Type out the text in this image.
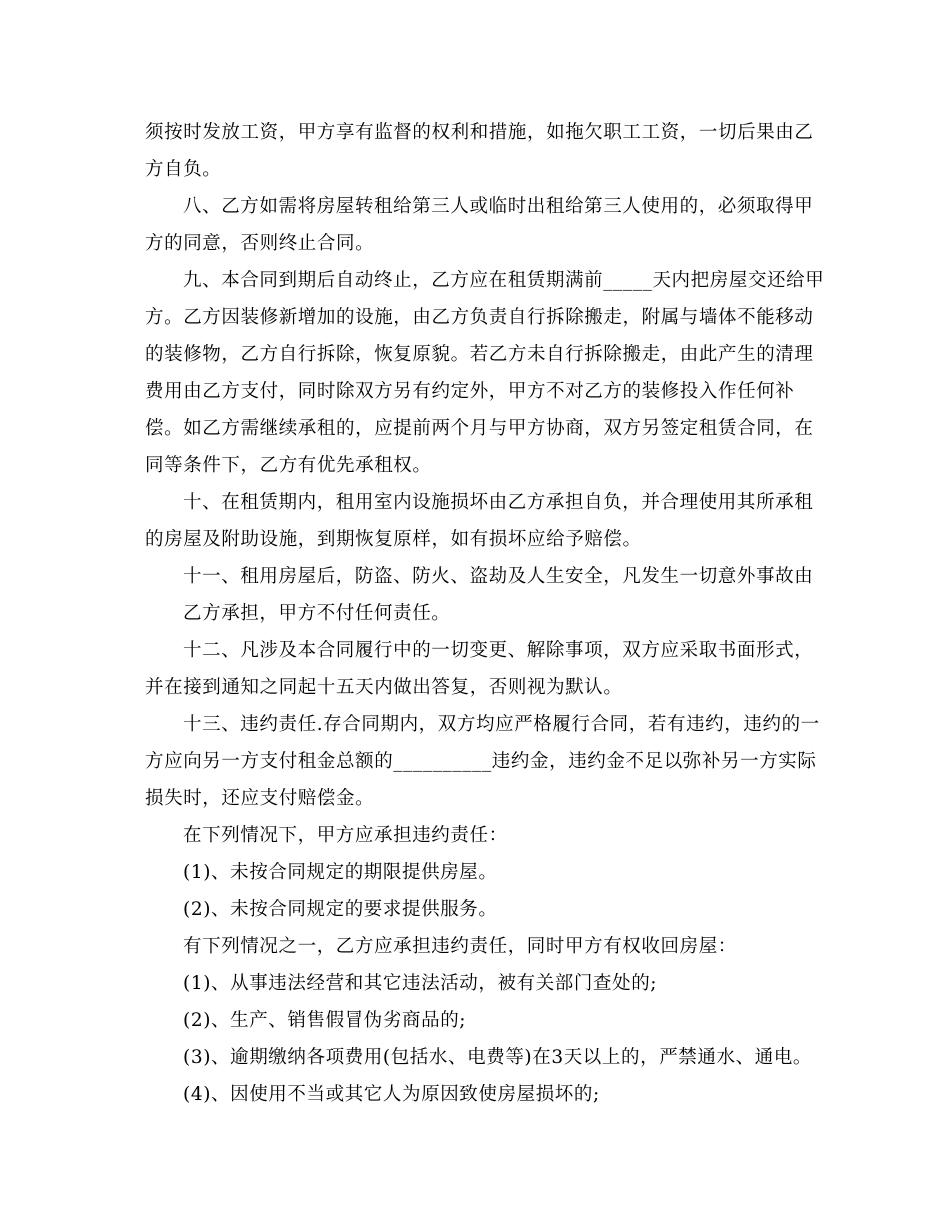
须按时发放工资，甲方享有监督的权利和措施，如拖欠职工工资，一切后果由乙
方自负。
八、乙方如需将房屋转租给第三人或临时出租给第三人使用的，必须取得甲
方的同意，否则终止合同。
九、本合同到期后自动终止，乙方应在租赁期满前_____天内把房屋交还给甲
方。乙方因装修新增加的设施，由乙方负责自行拆除搬走，附属与墙体不能移动
的装修物，乙方自行拆除，恢复原貌。若乙方未自行拆除搬走，由此产生的清理
费用由乙方支付，同时除双方另有约定外，甲方不对乙方的装修投入作任何补
偿。如乙方需继续承租的，应提前两个月与甲方协商，双方另签定租赁合同，在
同等条件下，乙方有优先承租权。
十、在租赁期内，租用室内设施损坏由乙方承担自负，并合理使用其所承租
的房屋及附助设施，到期恢复原样，如有损坏应给予赔偿。
十一、租用房屋后，防盗、防火、盗劫及人生安全，凡发生一切意外事故由
乙方承担，甲方不付任何责任。
十二、凡涉及本合同履行中的一切变更、解除事项，双方应采取书面形式，
并在接到通知之同起十五天内做出答复，否则视为默认。
十三、违约责任.存合同期内，双方均应严格履行合同，若有违约，违约的一
方应向另一方支付租金总额的__________违约金，违约金不足以弥补另一方实际
损失时，还应支付赔偿金。
在下列情况下，甲方应承担违约责任：
(1)、未按合同规定的期限提供房屋。
(2)、未按合同规定的要求提供服务。
有下列情况之一，乙方应承担违约责任，同时甲方有权收回房屋：
(1)、从事违法经营和其它违法活动，被有关部门查处的;
(2)、生产、销售假冒伪劣商品的;
(3)、逾期缴纳各项费用(包括水、电费等)在3天以上的，严禁通水、通电。
(4)、因使用不当或其它人为原因致使房屋损坏的;
